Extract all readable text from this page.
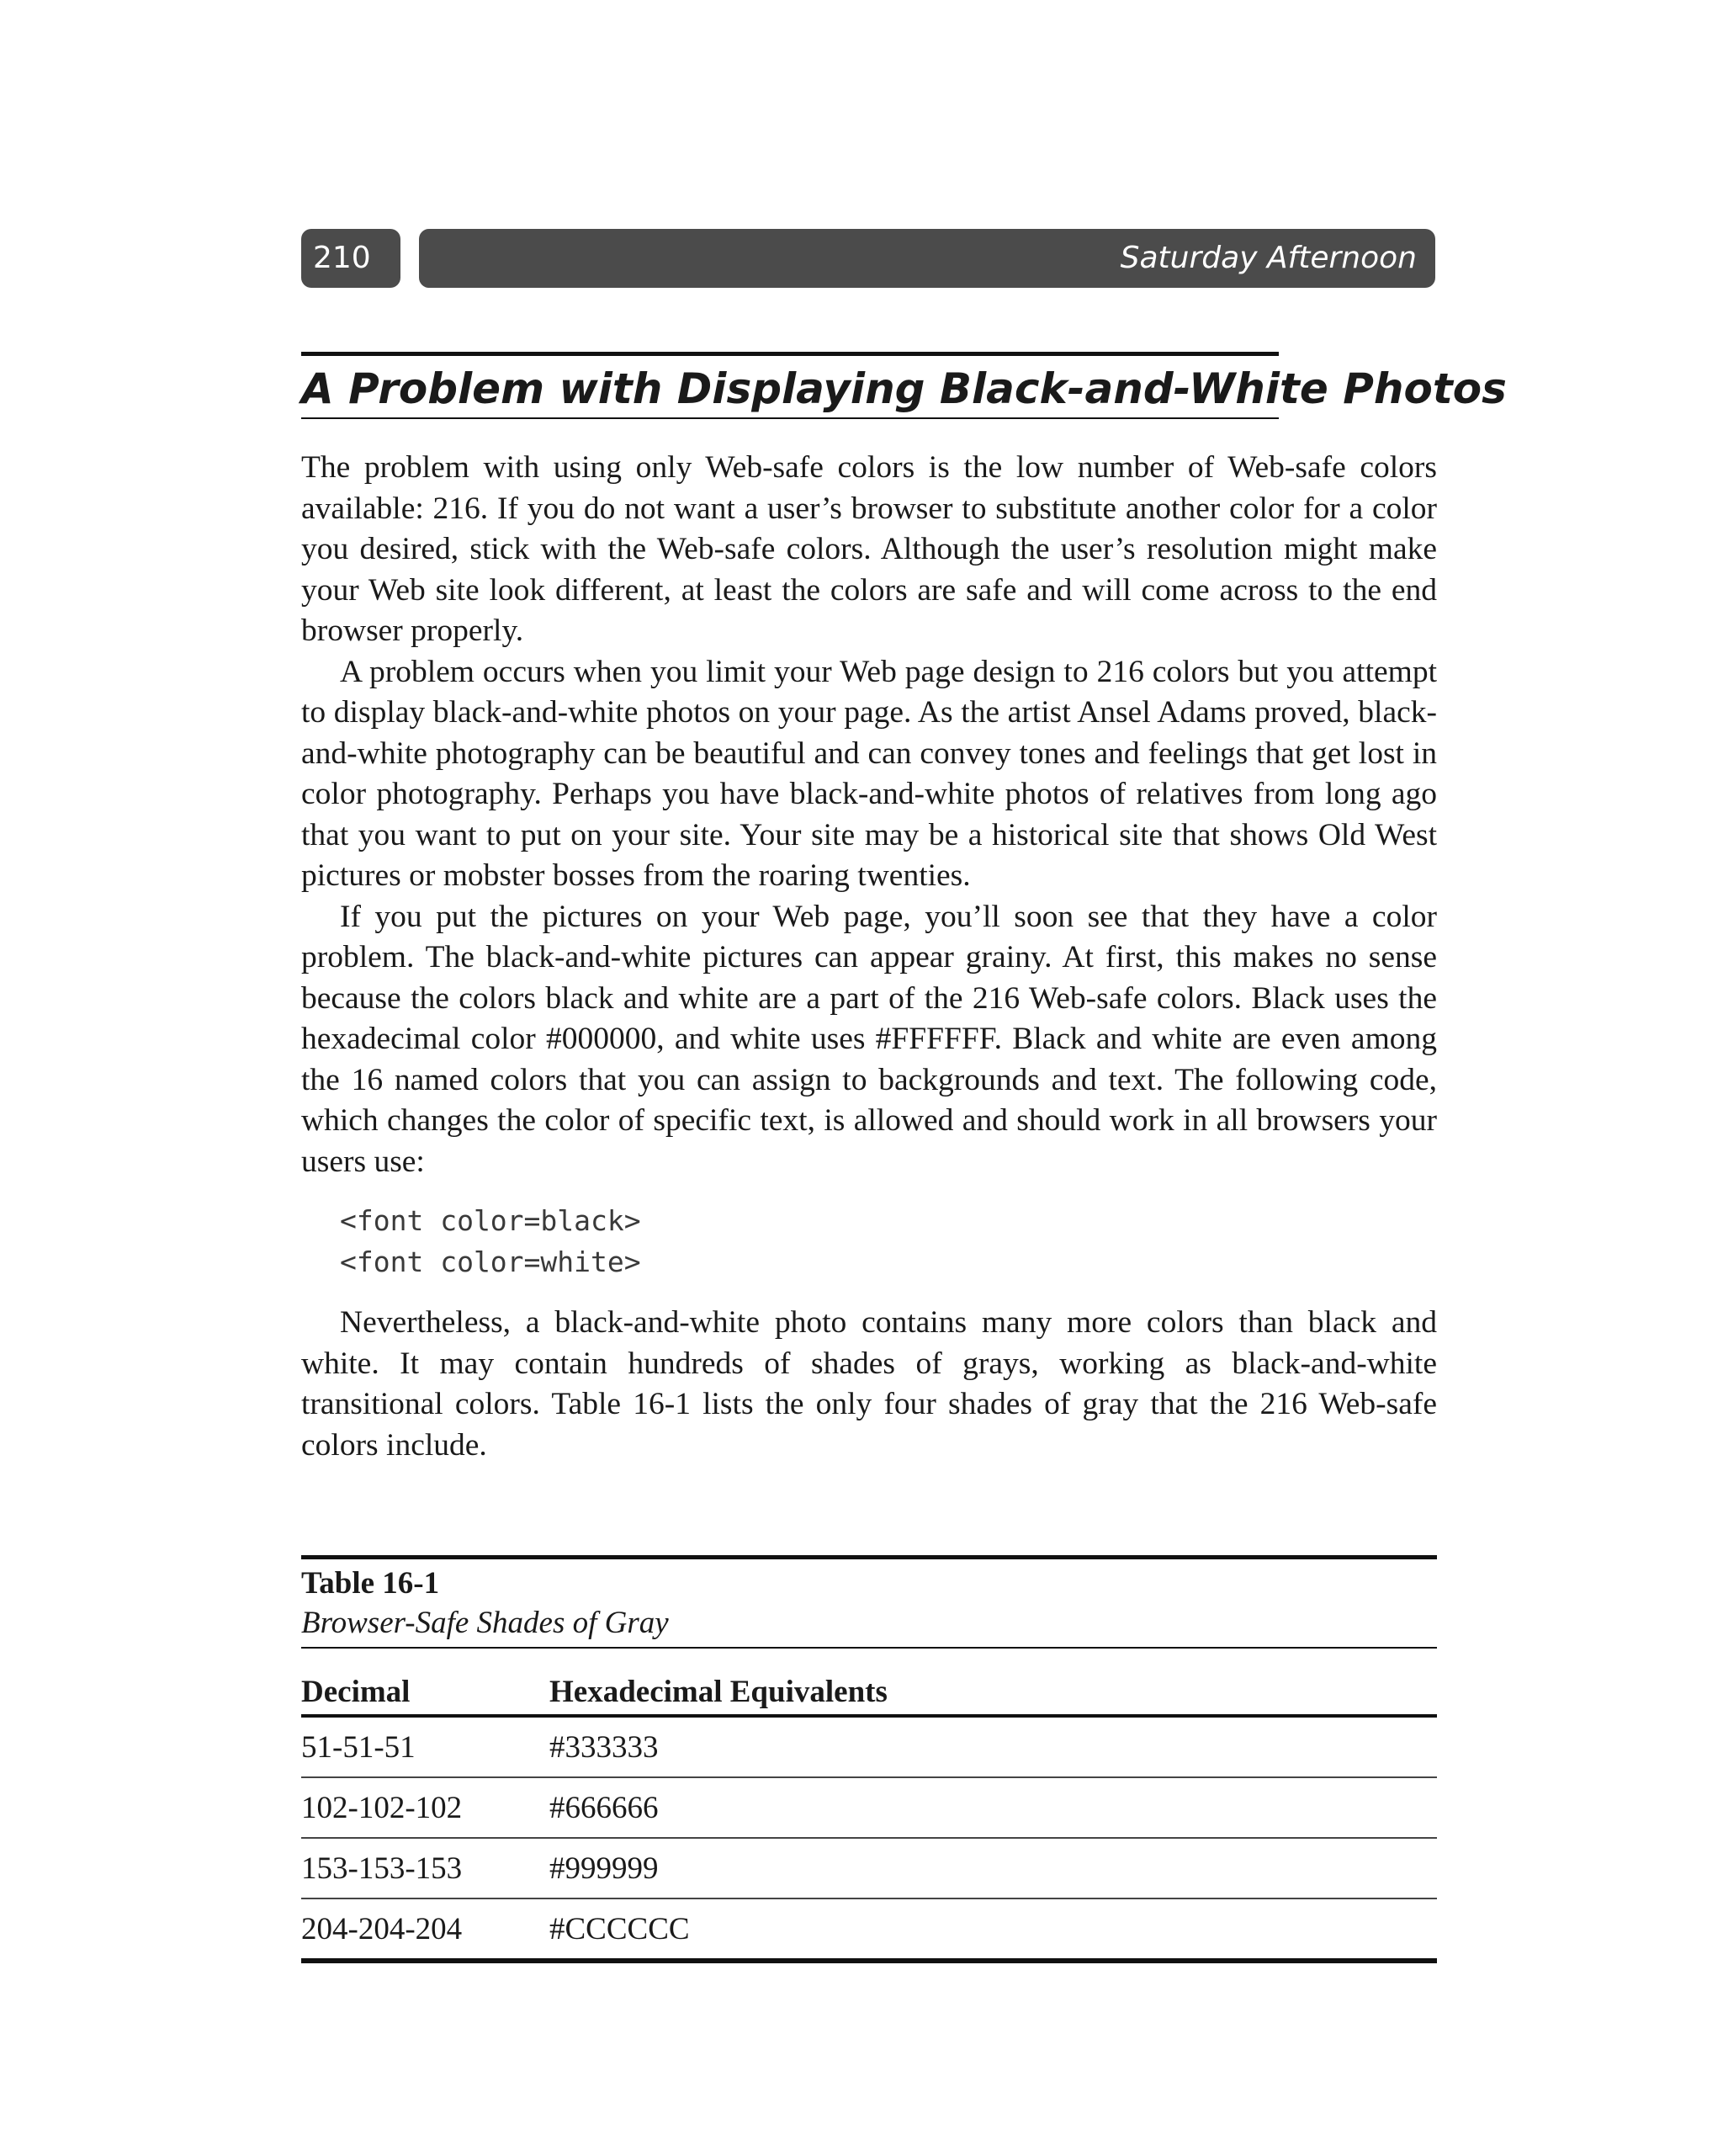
210	Saturday Afternoon
A Problem with Displaying Black-and-White Photos

The problem with using only Web-safe colors is the low number of Web-safe colors available: 216. If you do not want a user’s browser to substitute another color for a color you desired, stick with the Web-safe colors. Although the user’s resolution might make your Web site look different, at least the colors are safe and will come across to the end browser properly.

A problem occurs when you limit your Web page design to 216 colors but you attempt to display black-and-white photos on your page. As the artist Ansel Adams proved, black-and-white photography can be beautiful and can convey tones and feelings that get lost in color photography. Perhaps you have black-and-white photos of relatives from long ago that you want to put on your site. Your site may be a historical site that shows Old West pictures or mobster bosses from the roaring twenties.

If you put the pictures on your Web page, you’ll soon see that they have a color problem. The black-and-white pictures can appear grainy. At first, this makes no sense because the colors black and white are a part of the 216 Web-safe colors. Black uses the hexadecimal color #000000, and white uses #FFFFFF. Black and white are even among the 16 named colors that you can assign to backgrounds and text. The following code, which changes the color of specific text, is allowed and should work in all browsers your users use:

<font color=black>
<font color=white>

Nevertheless, a black-and-white photo contains many more colors than black and white. It may contain hundreds of shades of grays, working as black-and-white transitional colors. Table 16-1 lists the only four shades of gray that the 216 Web-safe colors include.

Table 16-1
Browser-Safe Shades of Gray
Decimal	Hexadecimal Equivalents
51-51-51	#333333
102-102-102	#666666
153-153-153	#999999
204-204-204	#CCCCCC
